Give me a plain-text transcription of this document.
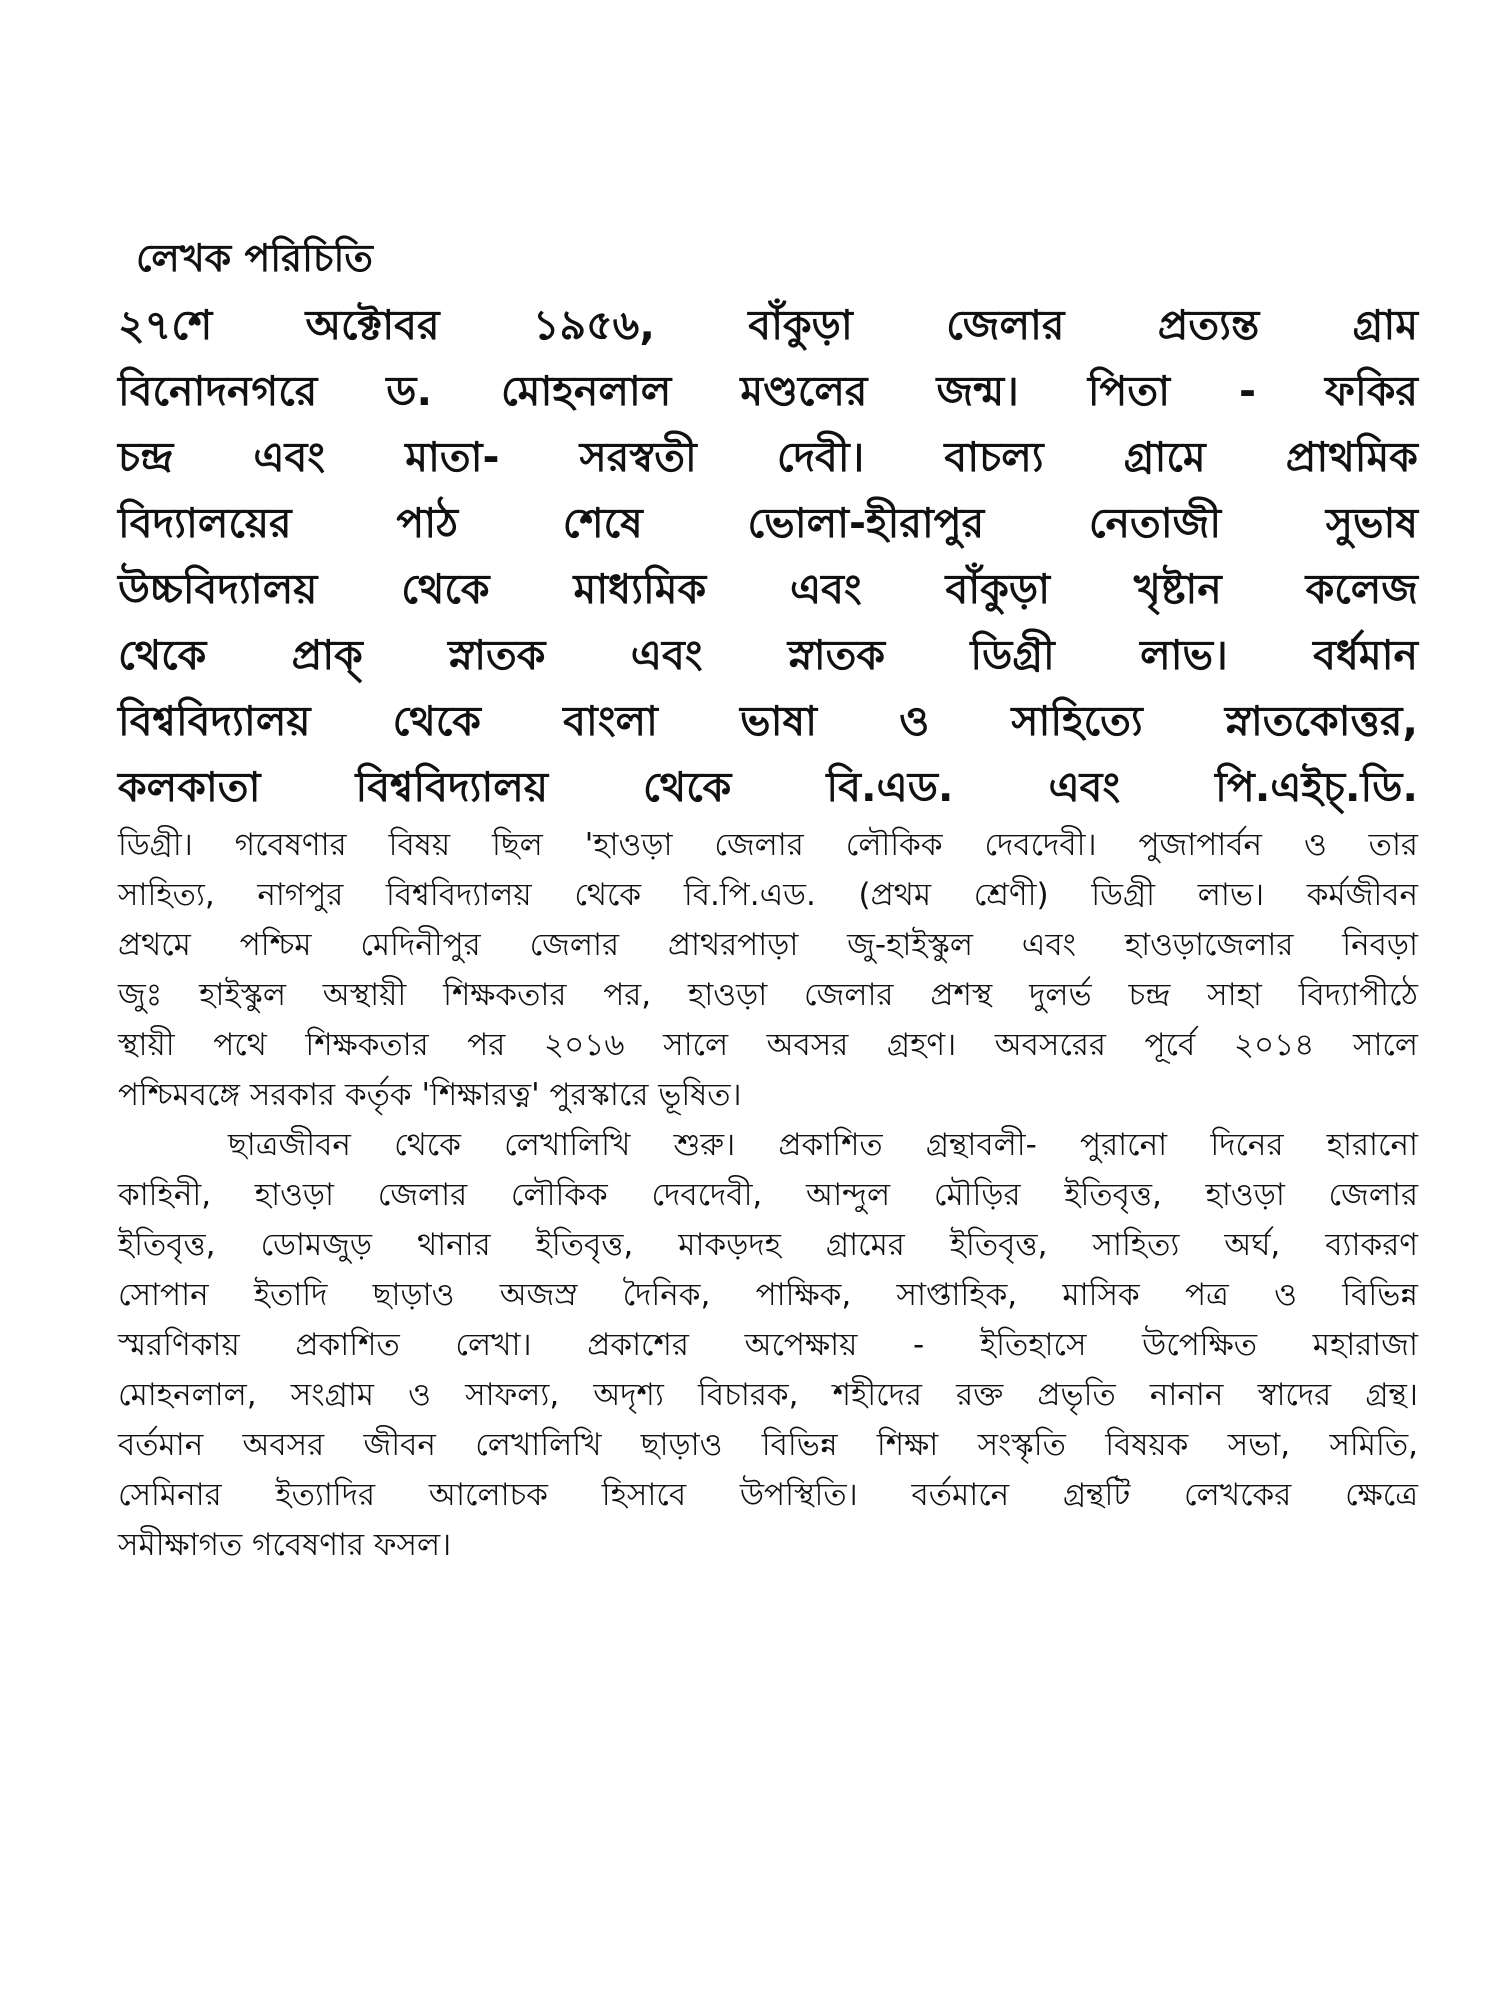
লেখক পরিচিতি
২৭শে অক্টোবর ১৯৫৬, বাঁকুড়া জেলার প্রত্যন্ত গ্রাম
বিনোদনগরে ড. মোহনলাল মণ্ডলের জন্ম। পিতা - ফকির
চন্দ্র এবং মাতা- সরস্বতী দেবী। বাচল্য গ্রামে প্রাথমিক
বিদ্যালয়ের পাঠ শেষে ভোলা-হীরাপুর নেতাজী সুভাষ
উচ্চবিদ্যালয় থেকে মাধ্যমিক এবং বাঁকুড়া খৃষ্টান কলেজ
থেকে প্রাক্ স্নাতক এবং স্নাতক ডিগ্রী লাভ। বর্ধমান
বিশ্ববিদ্যালয় থেকে বাংলা ভাষা ও সাহিত্যে স্নাতকোত্তর,
কলকাতা বিশ্ববিদ্যালয় থেকে বি.এড. এবং পি.এইচ্.ডি.
ডিগ্রী। গবেষণার বিষয় ছিল 'হাওড়া জেলার লৌকিক দেবদেবী। পুজাপার্বন ও তার
সাহিত্য, নাগপুর বিশ্ববিদ্যালয় থেকে বি.পি.এড. (প্রথম শ্রেণী) ডিগ্রী লাভ। কর্মজীবন
প্রথমে পশ্চিম মেদিনীপুর জেলার প্রাথরপাড়া জু-হাইস্কুল এবং হাওড়াজেলার নিবড়া
জুঃ হাইস্কুল অস্থায়ী শিক্ষকতার পর, হাওড়া জেলার প্রশস্থ দুলর্ভ চন্দ্র সাহা বিদ্যাপীঠে
স্থায়ী পথে শিক্ষকতার পর ২০১৬ সালে অবসর গ্রহণ। অবসরের পূর্বে ২০১৪ সালে
পশ্চিমবঙ্গে সরকার কর্তৃক 'শিক্ষারত্ন' পুরস্কারে ভূষিত।
ছাত্রজীবন থেকে লেখালিখি শুরু। প্রকাশিত গ্রন্থাবলী- পুরানো দিনের হারানো
কাহিনী, হাওড়া জেলার লৌকিক দেবদেবী, আন্দুল মৌড়ির ইতিবৃত্ত, হাওড়া জেলার
ইতিবৃত্ত, ডোমজুড় থানার ইতিবৃত্ত, মাকড়দহ গ্রামের ইতিবৃত্ত, সাহিত্য অর্ঘ, ব্যাকরণ
সোপান ইতাদি ছাড়াও অজস্র দৈনিক, পাক্ষিক, সাপ্তাহিক, মাসিক পত্র ও বিভিন্ন
স্মরণিকায় প্রকাশিত লেখা। প্রকাশের অপেক্ষায় - ইতিহাসে উপেক্ষিত মহারাজা
মোহনলাল, সংগ্রাম ও সাফল্য, অদৃশ্য বিচারক, শহীদের রক্ত প্রভৃতি নানান স্বাদের গ্রন্থ।
বর্তমান অবসর জীবন লেখালিখি ছাড়াও বিভিন্ন শিক্ষা সংস্কৃতি বিষয়ক সভা, সমিতি,
সেমিনার ইত্যাদির আলোচক হিসাবে উপস্থিতি। বর্তমানে গ্রন্থটি লেখকের ক্ষেত্রে
সমীক্ষাগত গবেষণার ফসল।
